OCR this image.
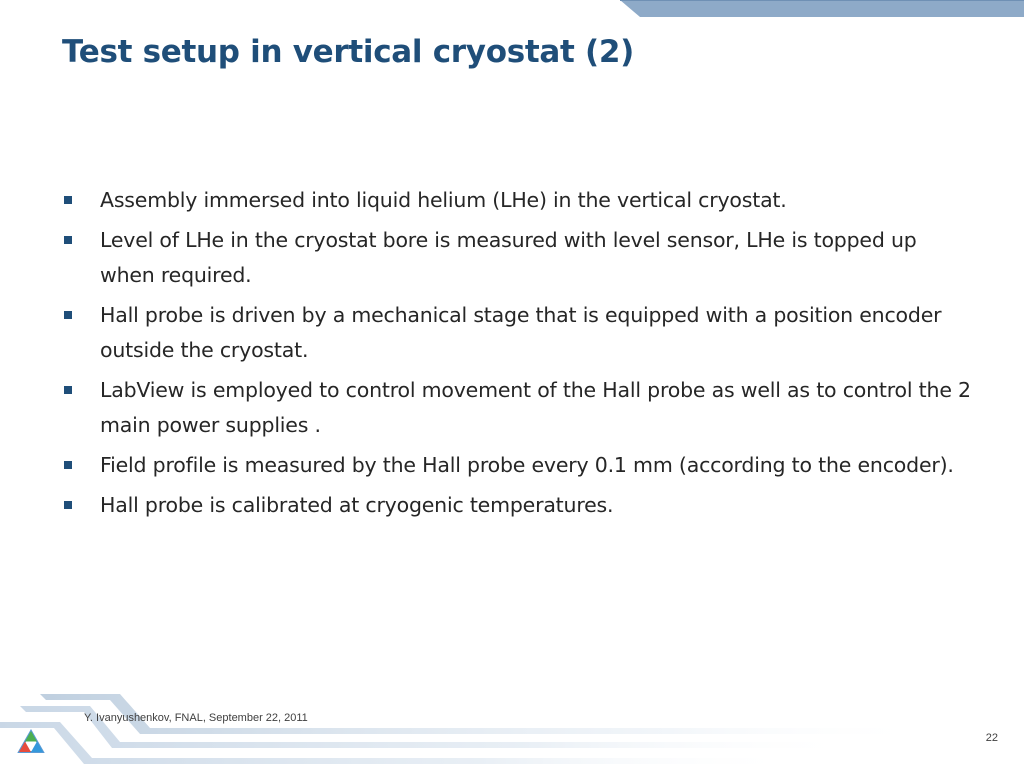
Test setup in vertical cryostat (2)
Assembly immersed into liquid helium (LHe) in the vertical cryostat.
Level of LHe in the cryostat bore is measured with level sensor, LHe is topped up when required.
Hall probe is driven by a mechanical stage that is equipped with a position encoder outside the cryostat.
LabView is employed to control movement of the Hall probe as well as to control the 2 main power supplies .
Field profile is measured by the Hall probe every 0.1 mm (according to the encoder).
Hall probe is calibrated at cryogenic temperatures.
Y. Ivanyushenkov, FNAL, September 22, 2011
22
